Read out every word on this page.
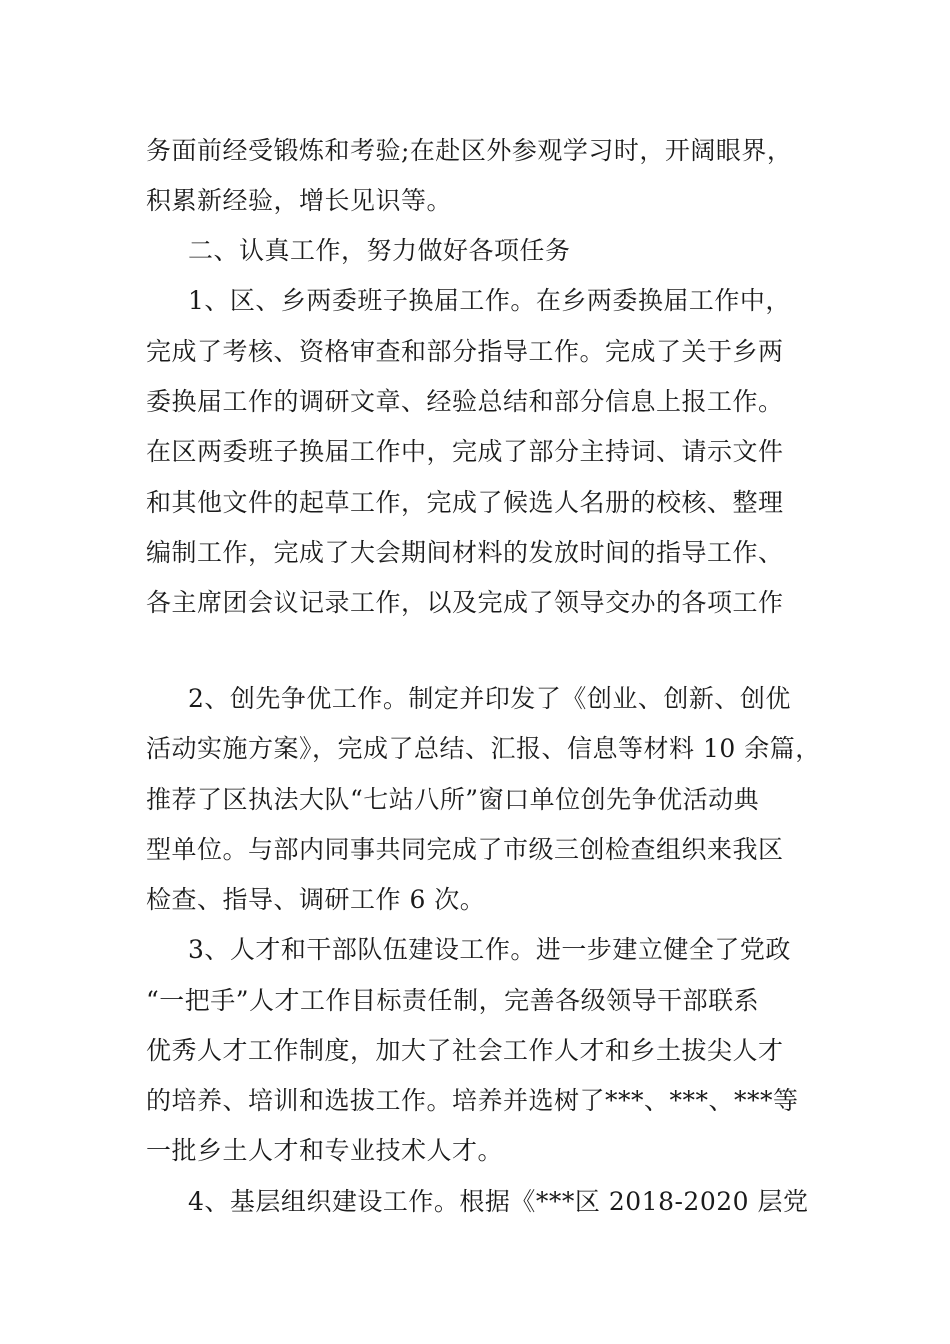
务面前经受锻炼和考验;在赴区外参观学习时，开阔眼界，
积累新经验，增长见识等。
二、认真工作，努力做好各项任务
1、区、乡两委班子换届工作。在乡两委换届工作中，
完成了考核、资格审查和部分指导工作。完成了关于乡两
委换届工作的调研文章、经验总结和部分信息上报工作。
在区两委班子换届工作中，完成了部分主持词、请示文件
和其他文件的起草工作，完成了候选人名册的校核、整理
编制工作，完成了大会期间材料的发放时间的指导工作、
各主席团会议记录工作，以及完成了领导交办的各项工作
2、创先争优工作。制定并印发了《创业、创新、创优
活动实施方案》，完成了总结、汇报、信息等材料 10 余篇，
推荐了区执法大队“七站八所”窗口单位创先争优活动典
型单位。与部内同事共同完成了市级三创检查组织来我区
检查、指导、调研工作 6 次。
3、人才和干部队伍建设工作。进一步建立健全了党政
“一把手”人才工作目标责任制，完善各级领导干部联系
优秀人才工作制度，加大了社会工作人才和乡土拔尖人才
的培养、培训和选拔工作。培养并选树了***、***、***等
一批乡土人才和专业技术人才。
4、基层组织建设工作。根据《***区 2018-2020 层党
